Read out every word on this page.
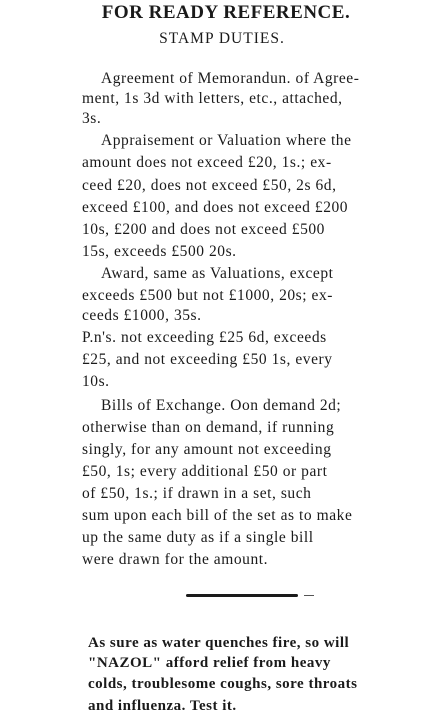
FOR READY REFERENCE.
STAMP DUTIES.
Agreement of Memorandun. of Agree-
ment, 1s 3d with letters, etc., attached,
3s.
Appraisement or Valuation where the
amount does not exceed £20, 1s.; ex-
ceed £20, does not exceed £50, 2s 6d,
exceed £100, and does not exceed £200
10s, £200 and does not exceed £500
15s, exceeds £500 20s.
Award, same as Valuations, except
exceeds £500 but not £1000, 20s; ex-
ceeds £1000, 35s.
P.n's. not exceeding £25 6d, exceeds
£25, and not exceeding £50 1s, every
10s.
Bills of Exchange. Oon demand 2d;
otherwise than on demand, if running
singly, for any amount not exceeding
£50, 1s; every additional £50 or part
of £50, 1s.; if drawn in a set, such
sum upon each bill of the set as to make
up the same duty as if a single bill
were drawn for the amount.
As sure as water quenches fire, so will
"NAZOL" afford relief from heavy
colds, troublesome coughs, sore throats
and influenza. Test it.
